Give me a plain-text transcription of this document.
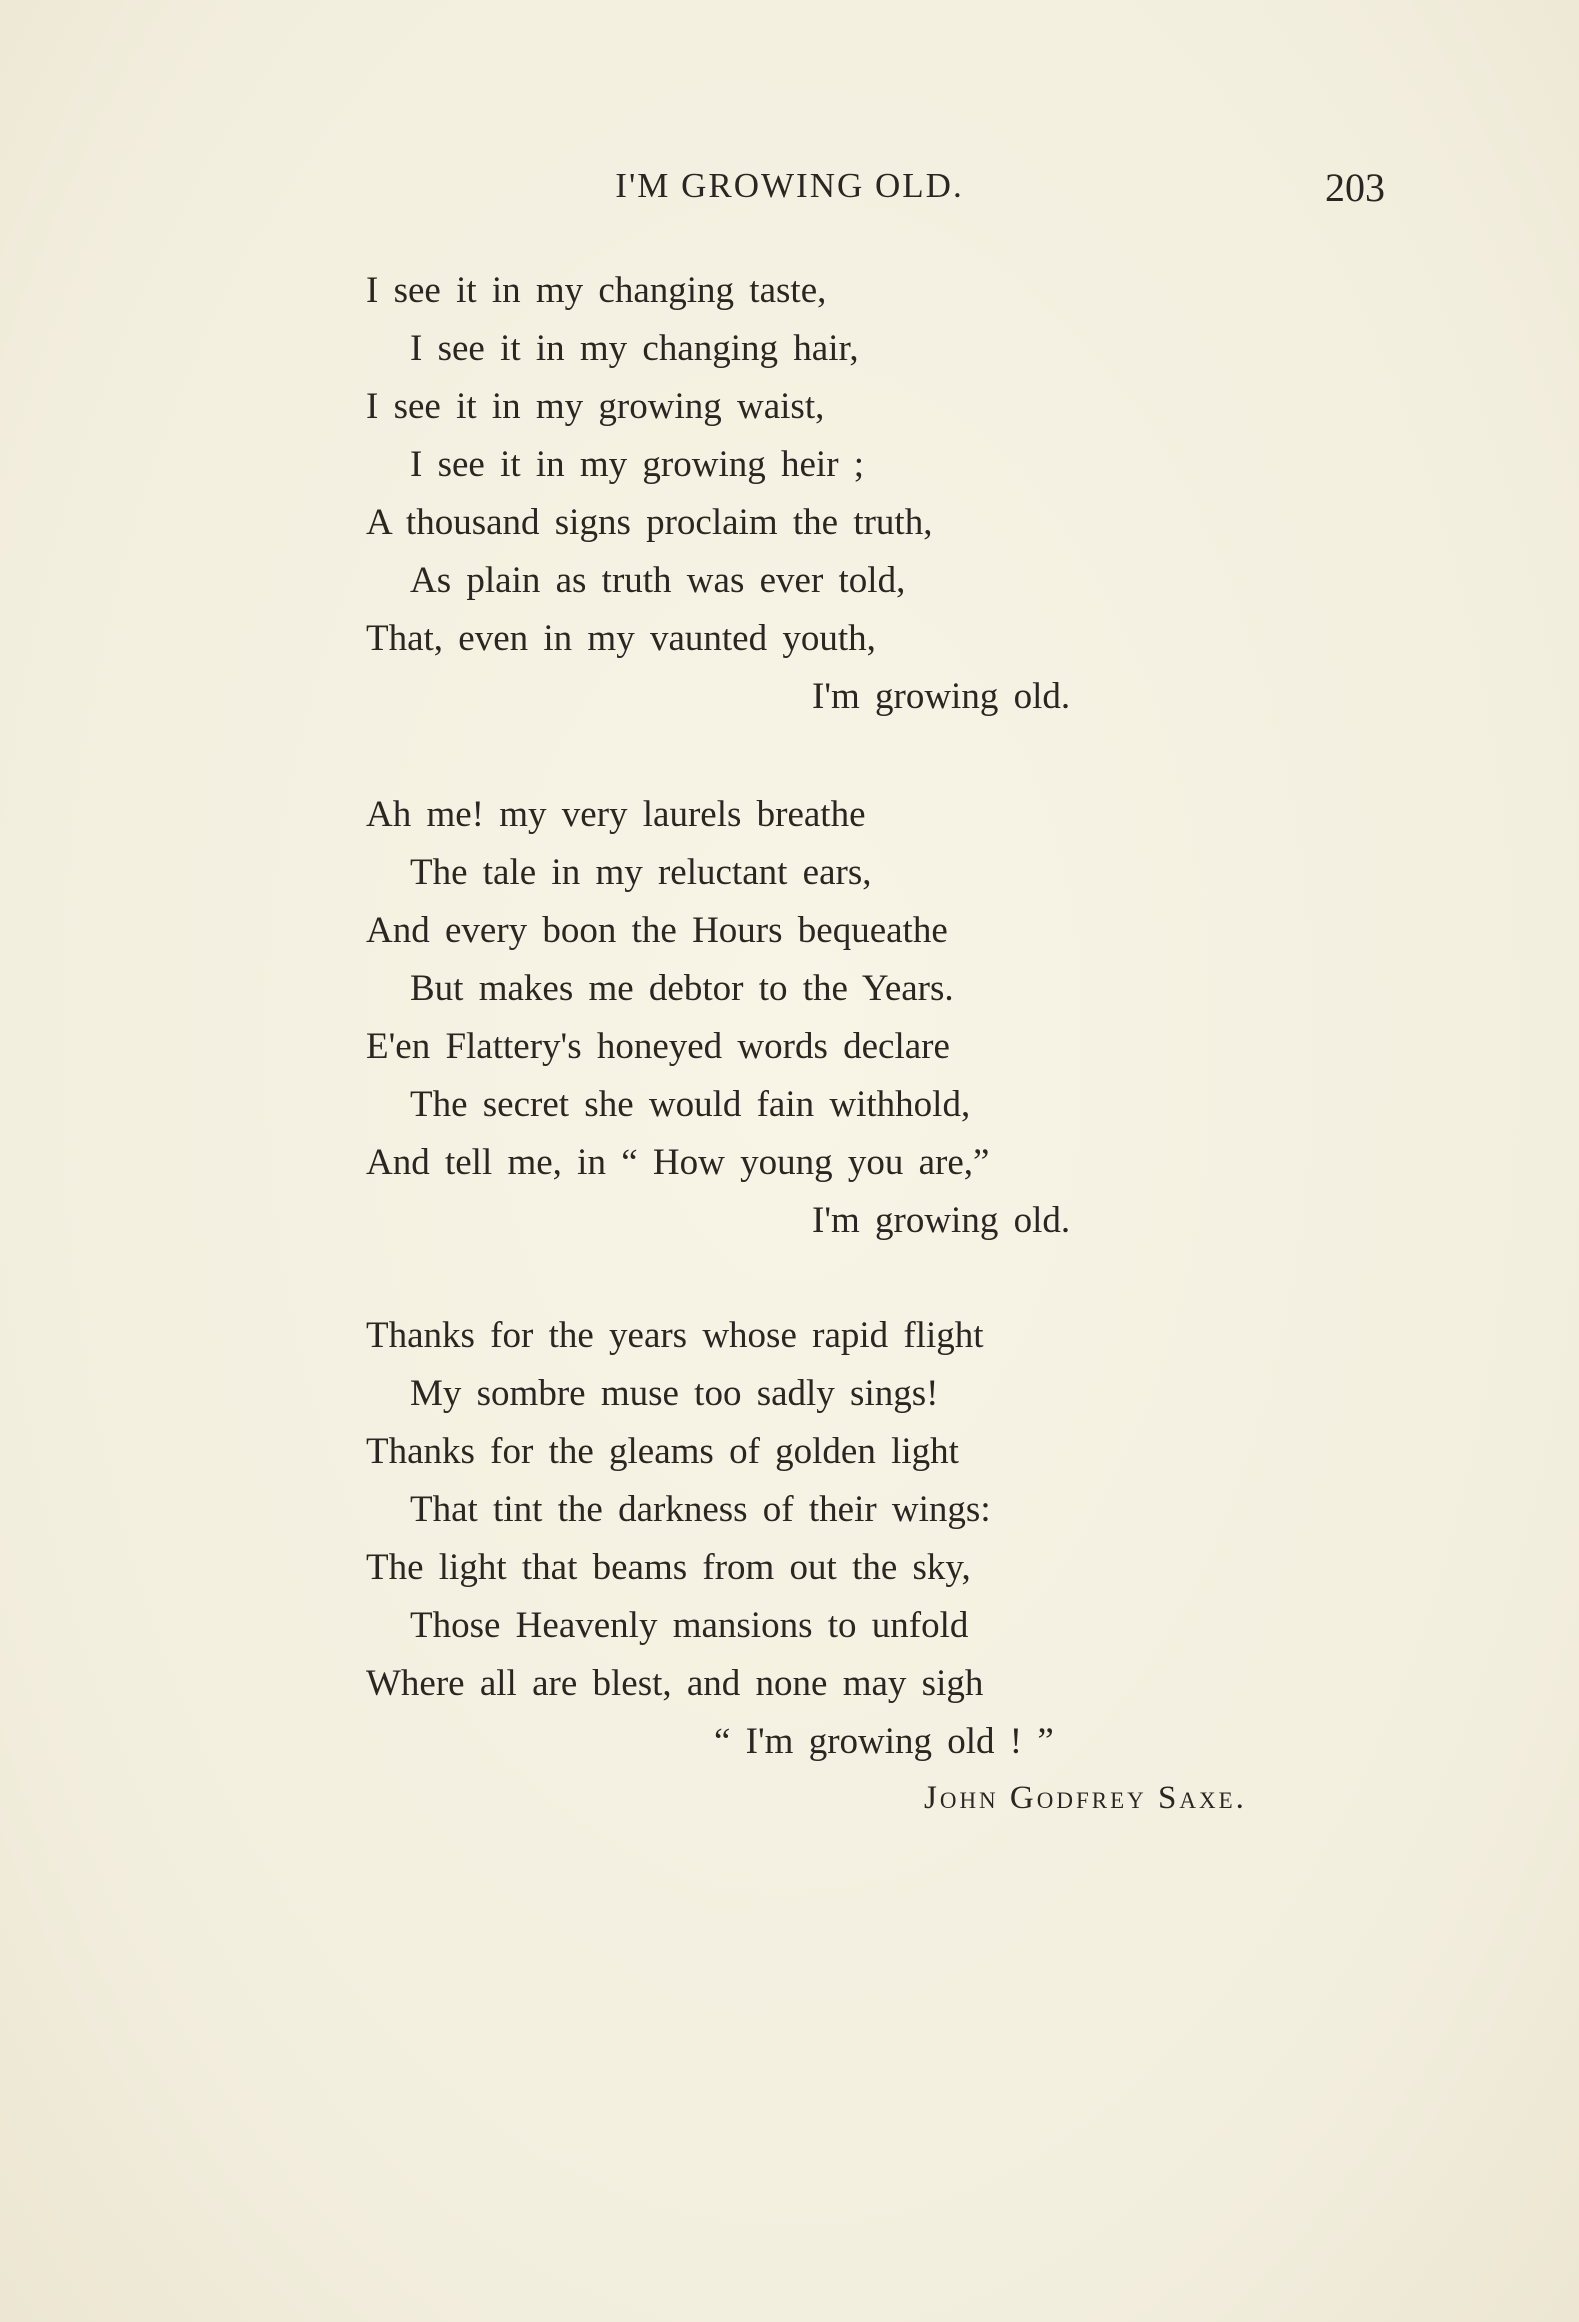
I'M GROWING OLD.	203
I see it in my changing taste,
I see it in my changing hair,
I see it in my growing waist,
I see it in my growing heir ;
A thousand signs proclaim the truth,
As plain as truth was ever told,
That, even in my vaunted youth,
I'm growing old.
Ah me! my very laurels breathe
The tale in my reluctant ears,
And every boon the Hours bequeathe
But makes me debtor to the Years.
E'en Flattery's honeyed words declare
The secret she would fain withhold,
And tell me, in “ How young you are,”
I'm growing old.
Thanks for the years whose rapid flight
My sombre muse too sadly sings!
Thanks for the gleams of golden light
That tint the darkness of their wings:
The light that beams from out the sky,
Those Heavenly mansions to unfold
Where all are blest, and none may sigh
“ I'm growing old ! ”
John Godfrey Saxe.
